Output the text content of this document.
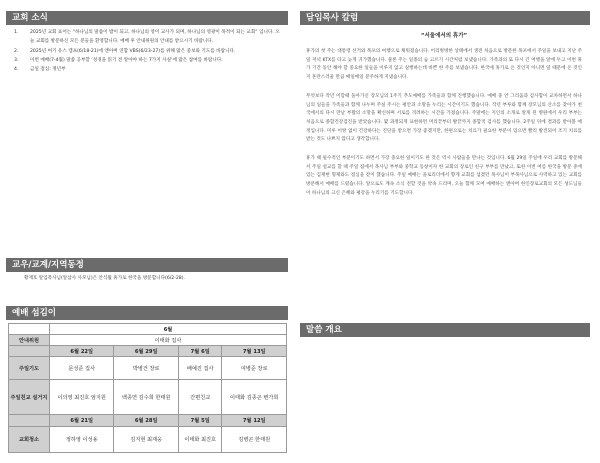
교회 소식
1.	2025년 교회 표어는 “하나님의 말씀이 밥이 되고, 하나님의 영이 교사가 되며, 하나님의 영광이 목적이 되는 교회” 입니다. 오늘 교회를 방문하신 모든 분들을 환영합니다. 예배 후 안내위원의 안내를 받으시기 바랍니다.
2.	2025년 여기 유스 캠프(6/18-21)에 앤아버 연합 VBS(6/23-27)를 위해 많은 중보와 기도를 바랍니다.
3.	이번 예배(7-4월) 말씀 공부할 ‘성경을 읽기 전 알아야 하는 7가지 사실’에 많은 참여를 바랍니다.
4.	금일 점심: 정년부
교우/교계/지역동정
황재호 알입폭사님(알삼사 사모님)은 안식월 휴가로 한국을 방문합니다(6/2-28).
예배 섬김이
	6월			
안내위원	이태화 집사			
	6월 22일	6월 29일	7월 6일	7월 13일
주일기도	문성준 집사	박병건 장로	배예진 집사	여병준 장로
주일친교 설거지	이의영 최진호 엄지원	백종연 김수희 한태원	간편친교	이태화 김종곤 변가희
	6월 21일	6월 28일	7월 5일	7월 12일
교회청소	정하영 이성용	김지현 최재웅	이태화 최진호	김병곤 한태원
담임목사 칼럼
“서울에서의 휴가”

휴가의 첫 주는 대통령 선거와 목포의 여행으로 채워졌습니다. 어리벙벙한 상태에서 생전 처음으로 방문한 목포에서 주일을 보내고 지난 주일 저녁 KTX를 타고 늦게 귀가했습니다. 물론 주는 일종의 숨 고르기 시간처럼 보냈습니다. 가족과의 또 다시 긴 여행을 앞에 두고 이번 휴가 기간 동안 해야 할 중요한 일들을 이루지 않고 실행하는데 바쁜 한 주를 보냈습니다. 한국에 휴가로 온 것인지 아니면 일 때문에 온 것인지 혼란스러울 만큼 매일매일 분주하게 지냈습니다.

무엇보다 작년 이맘때 돌아가신 장모님의 1주기 추도예배를 가족들과 함께 진행했습니다. 예배 중 안 그리움과 감사함이 교차하면서 하나님의 일들을 가족들과 함께 나누며 주실 주시는 평안과 소망을 누리는 시간이기도 했습니다. 작년 부루와 함께 장모님의 산소를 찾아가 천국에서의 다시 만날 부활의 소망을 확신하며 서로를 격려하는 시간을 가졌습니다. 주말에는 지인의 소개로 알게 된 병원에서 우리 부부는 처음으로 종합건강검진을 받았습니다. 몇 과정되게 표현하면 머리끝부터 발끝까지 종합적 검사를 했습니다. 2주일 뒤에 결과를 받아볼 예정입니다. 미루 어쌍 없이 건강하다는 진단을 받으면 가장 좋겠지만, 한편으로는 치료가 필요한 부분이 있으면 빨리 발견되어 조기 치료를 받는 것도 나쁘지 않다고 생각합니다.

휴가 때 필수적인 부분이기도 하면서 가장 중요한 일이기도 한 것은 역시 사람들을 만나는 것입니다. 6월 29일 주일에 우리 교회를 방문해서 주일 설교를 할 때 주일 집에서 목사님 부부와 중학교 동창이자 한 교회의 장로인 친구 부부를 만났고, 또한 이번 여름 한국을 방문 중에 있는 김재현 형제와도 점심을 같이 했습니다. 주일 예배는 졸로리더에서 향게 교회를 섬겼던 목사님이 부목사님으로 사역하고 있는 교회를 방문해서 예배를 드렸습니다. 앞으로도 계속 소식 전할 것을 약속 드리며, 오늘 함께 모여 예배하는 앤아버 한인장로교회의 모든 성도님들이 하나님의 크신 은혜와 평강을 누리기를 기도합니다.

말씀 개요
